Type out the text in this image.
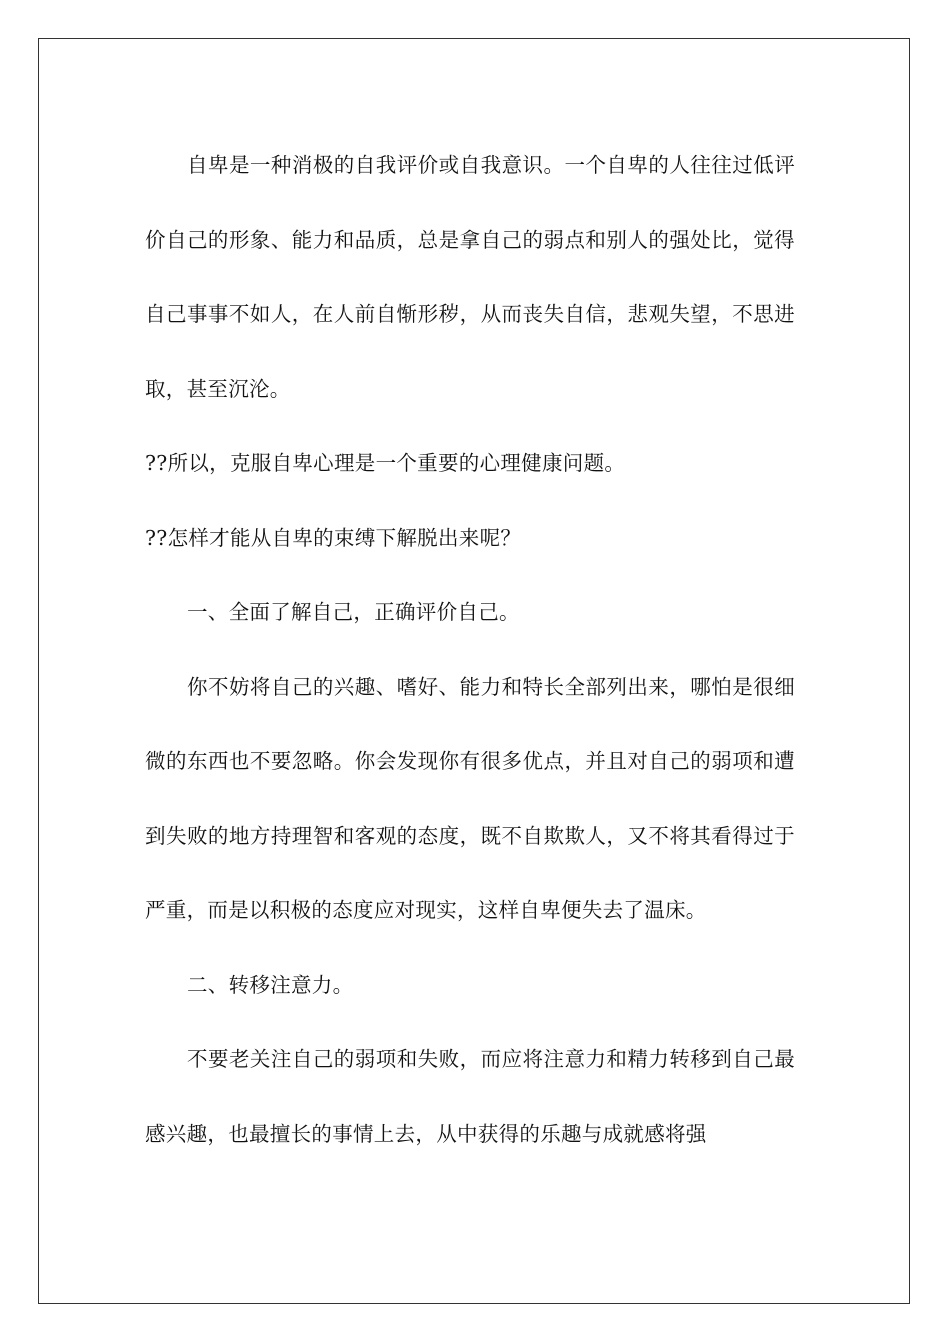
自卑是一种消极的自我评价或自我意识。一个自卑的人往往过低评价自己的形象、能力和品质，总是拿自己的弱点和别人的强处比，觉得自己事事不如人，在人前自惭形秽，从而丧失自信，悲观失望，不思进取，甚至沉沦。

??所以，克服自卑心理是一个重要的心理健康问题。

??怎样才能从自卑的束缚下解脱出来呢？

一、全面了解自己，正确评价自己。

你不妨将自己的兴趣、嗜好、能力和特长全部列出来，哪怕是很细微的东西也不要忽略。你会发现你有很多优点，并且对自己的弱项和遭到失败的地方持理智和客观的态度，既不自欺欺人，又不将其看得过于严重，而是以积极的态度应对现实，这样自卑便失去了温床。

二、转移注意力。

不要老关注自己的弱项和失败，而应将注意力和精力转移到自己最感兴趣，也最擅长的事情上去，从中获得的乐趣与成就感将强
